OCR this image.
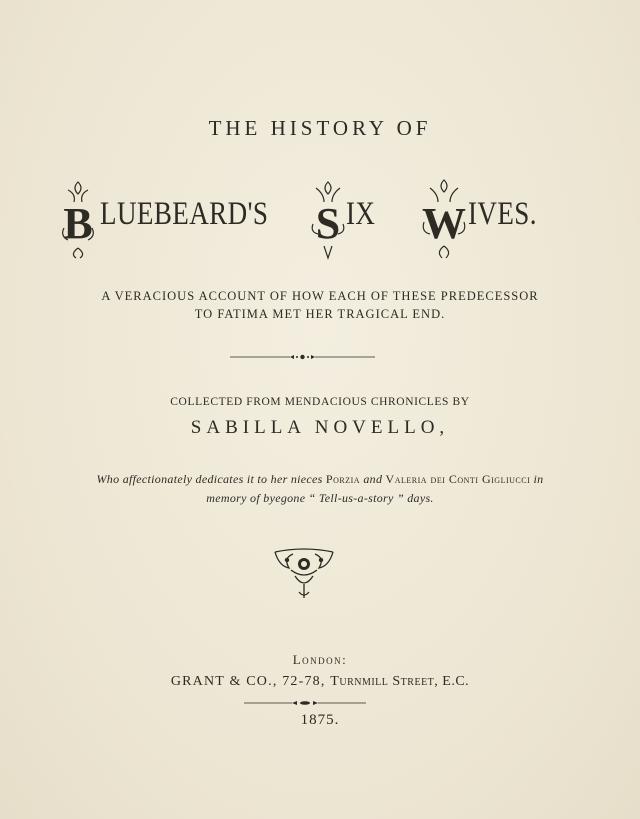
THE HISTORY OF
B LUEBEARD'S S IX W IVES.
A VERACIOUS ACCOUNT OF HOW EACH OF THESE PREDECESSOR
TO FATIMA MET HER TRAGICAL END.
COLLECTED FROM MENDACIOUS CHRONICLES BY
SABILLA NOVELLO,
Who affectionately dedicates it to her nieces Porzia and Valeria dei Conti Gigliucci in
memory of byegone “ Tell-us-a-story ” days.
London:
GRANT & CO., 72-78, Turnmill Street, E.C.
1875.
